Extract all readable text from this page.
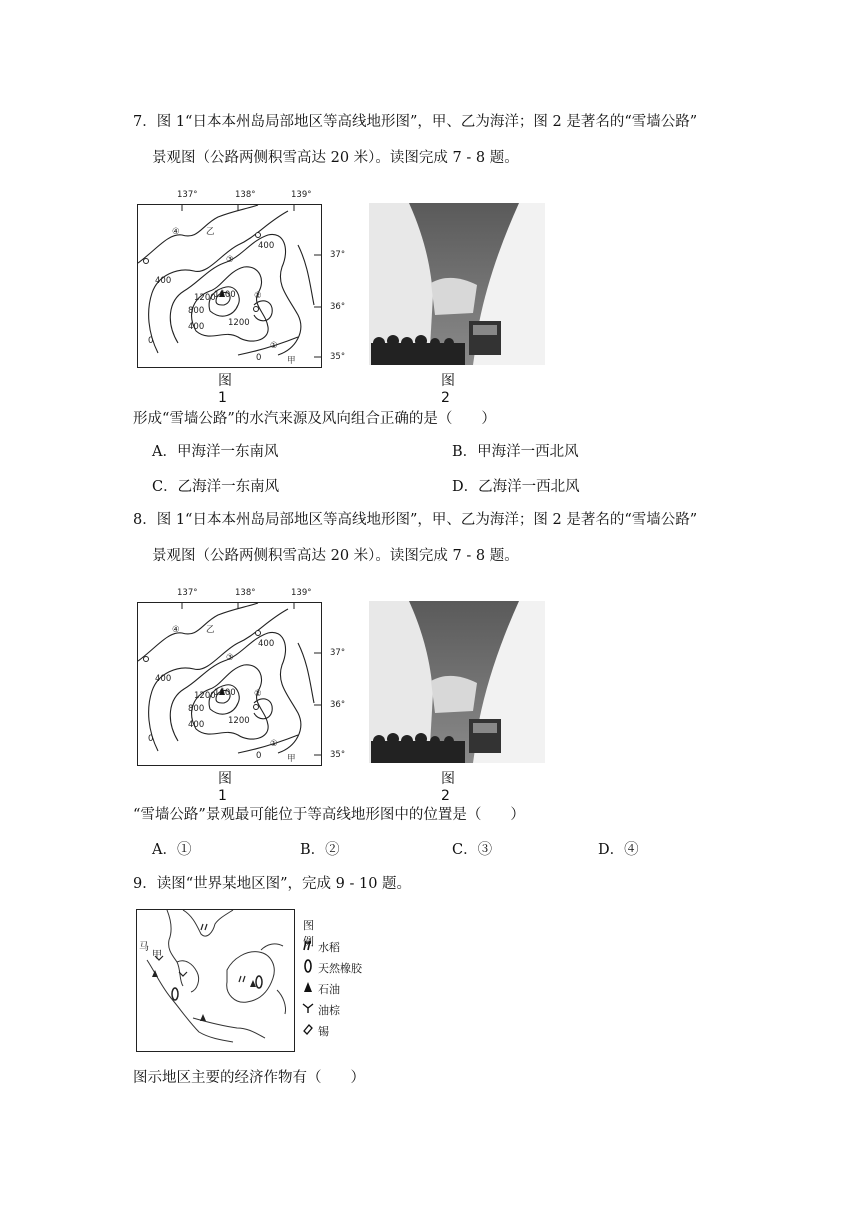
7．图 1“日本本州岛局部地区等高线地形图”，甲、乙为海洋；图 2 是著名的“雪墙公路”
景观图（公路两侧积雪高达 20 米）。读图完成 7 - 8 题。
137°	138°	139°
④	乙
400
③
400
1200
1600 ②
800
400	1200
0	①
0	甲
37°
36°
35°
图1
图2
形成“雪墙公路”的水汽来源及风向组合正确的是（　　）
A．甲海洋一东南风	B．甲海洋一西北风
C．乙海洋一东南风	D．乙海洋一西北风
8．图 1“日本本州岛局部地区等高线地形图”，甲、乙为海洋；图 2 是著名的“雪墙公路”
景观图（公路两侧积雪高达 20 米）。读图完成 7 - 8 题。
137°	138°	139°
④	乙
400
③
400
1200
1600 ②
800
400	1200
0	①
0	甲
37°
36°
35°
图1
图2
“雪墙公路”景观最可能位于等高线地形图中的位置是（　　）
A．①	B．②	C．③	D．④
9．读图“世界某地区图”，完成 9 - 10 题。
马
甲
图例 水稻
天然橡胶
石油
油棕
锡
图示地区主要的经济作物有（　　）
